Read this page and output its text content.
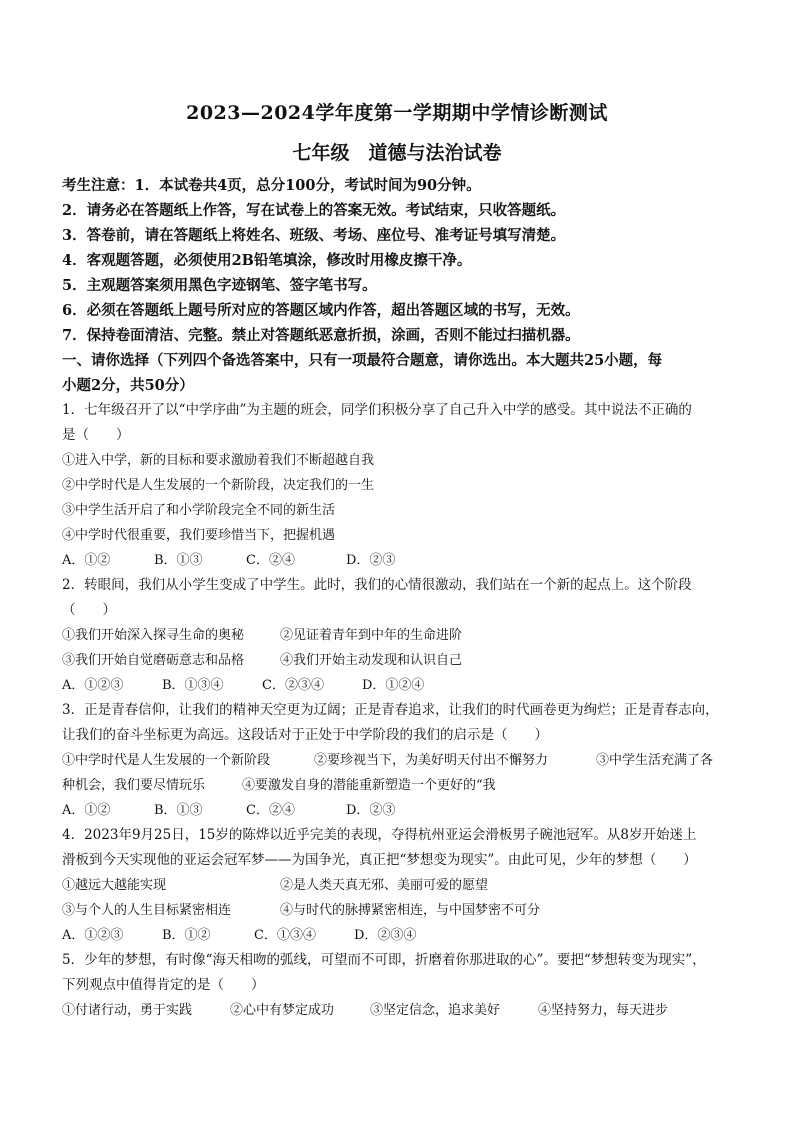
2023—2024学年度第一学期期中学情诊断测试
七年级　道德与法治试卷
考生注意：1．本试卷共4页，总分100分，考试时间为90分钟。
2．请务必在答题纸上作答，写在试卷上的答案无效。考试结束，只收答题纸。
3．答卷前，请在答题纸上将姓名、班级、考场、座位号、准考证号填写清楚。
4．客观题答题，必须使用2B铅笔填涂，修改时用橡皮擦干净。
5．主观题答案须用黑色字迹钢笔、签字笔书写。
6．必须在答题纸上题号所对应的答题区域内作答，超出答题区域的书写，无效。
7．保持卷面清洁、完整。禁止对答题纸恶意折损，涂画，否则不能过扫描机器。
一、请你选择（下列四个备选答案中，只有一项最符合题意，请你选出。本大题共25小题，每
小题2分，共50分）
1．七年级召开了以“中学序曲”为主题的班会，同学们积极分享了自己升入中学的感受。其中说法不正确的
是（　　）
①进入中学，新的目标和要求激励着我们不断超越自我
②中学时代是人生发展的一个新阶段，决定我们的一生
③中学生活开启了和小学阶段完全不同的新生活
④中学时代很重要，我们要珍惜当下，把握机遇
A．①②	B．①③	C．②④	D．②③
2．转眼间，我们从小学生变成了中学生。此时，我们的心情很激动，我们站在一个新的起点上。这个阶段
（　　）
①我们开始深入探寻生命的奥秘	②见证着青年到中年的生命进阶
③我们开始自觉磨砺意志和品格	④我们开始主动发现和认识自己
A．①②③	B．①③④	C．②③④	D．①②④
3．正是青春信仰，让我们的精神天空更为辽阔；正是青春追求，让我们的时代画卷更为绚烂；正是青春志向，
让我们的奋斗坐标更为高远。这段话对于正处于中学阶段的我们的启示是（　　）
①中学时代是人生发展的一个新阶段	②要珍视当下，为美好明天付出不懈努力	③中学生活充满了各
种机会，我们要尽情玩乐	④要激发自身的潜能重新塑造一个更好的“我
A．①②	B．①③	C．②④	D．②③
4．2023年9月25日，15岁的陈烨以近乎完美的表现，夺得杭州亚运会滑板男子碗池冠军。从8岁开始迷上
滑板到今天实现他的亚运会冠军梦——为国争光，真正把“梦想变为现实”。由此可见，少年的梦想（　　）
①越远大越能实现	②是人类天真无邪、美丽可爱的愿望
③与个人的人生目标紧密相连	④与时代的脉搏紧密相连，与中国梦密不可分
A．①②③	B．①②	C．①③④	D．②③④
5．少年的梦想，有时像“海天相吻的弧线，可望而不可即，折磨着你那进取的心”。要把“梦想转变为现实”，
下列观点中值得肯定的是（　　）
①付诸行动，勇于实践	②心中有梦定成功	③坚定信念，追求美好	④坚持努力，每天进步
